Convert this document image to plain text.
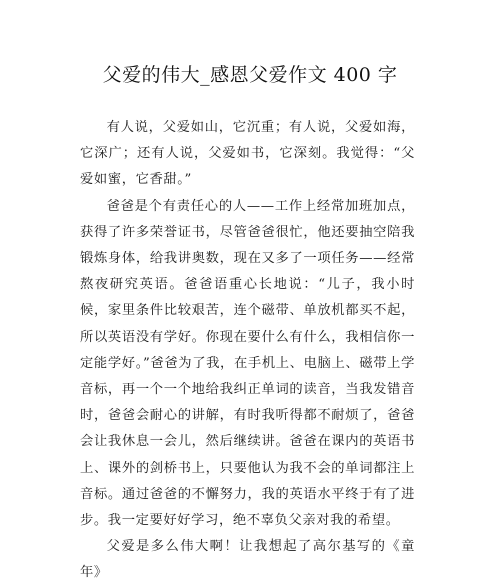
父爱的伟大_感恩父爱作文 400 字

有人说，父爱如山，它沉重；有人说，父爱如海，它深广；还有人说，父爱如书，它深刻。我觉得：“父爱如蜜，它香甜。”

爸爸是个有责任心的人——工作上经常加班加点，获得了许多荣誉证书，尽管爸爸很忙，他还要抽空陪我锻炼身体，给我讲奥数，现在又多了一项任务——经常熬夜研究英语。爸爸语重心长地说：“儿子，我小时候，家里条件比较艰苦，连个磁带、单放机都买不起，所以英语没有学好。你现在要什么有什么，我相信你一定能学好。”爸爸为了我，在手机上、电脑上、磁带上学音标，再一个一个地给我纠正单词的读音，当我发错音时，爸爸会耐心的讲解，有时我听得都不耐烦了，爸爸会让我休息一会儿，然后继续讲。爸爸在课内的英语书上、课外的剑桥书上，只要他认为我不会的单词都注上音标。通过爸爸的不懈努力，我的英语水平终于有了进步。我一定要好好学习，绝不辜负父亲对我的希望。

父爱是多么伟大啊！让我想起了高尔基写的《童年》
